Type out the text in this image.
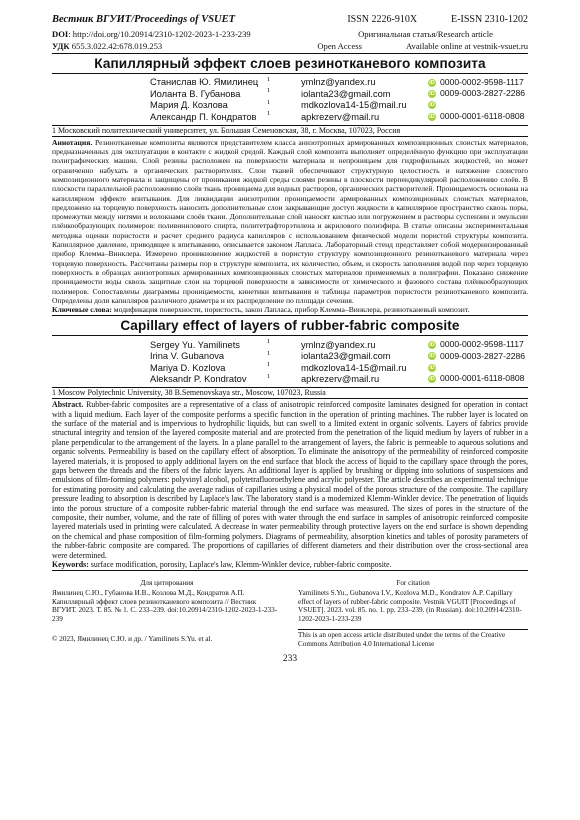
Вестник ВГУИТ/Proceedings of VSUET	ISSN 2226-910X	E-ISSN 2310-1202
DOI: http://doi.org/10.20914/2310-1202-2023-1-233-239	Оригинальная статья/Research article
УДК 655.3.022.42:678.019.253	Open Access	Available online at vestnik-vsuet.ru
Капиллярный эффект слоев резинотканевого композита
Станислав Ю. Ямилинец	1	ymlnz@yandex.ru	iD 0000-0002-9598-1117
Иоланта В. Губанова	1	iolanta23@gmail.com	iD 0009-0003-2827-2286
Мария Д. Козлова	1	mdkozlova14-15@mail.ru	iD
Александр П. Кондратов	1	apkrezerv@mail.ru	iD 0000-0001-6118-0808
1 Московский политехнический университет, ул. Большая Семеновская, 38, г. Москва, 107023, Россия

Аннотация. Резинотканевые композиты являются представителем класса анизотропных армированных композиционных слоистых материалов, предназначенных для эксплуатации в контакте с жидкой средой. Каждый слой композита выполняет определённую функцию при эксплуатации полиграфических машин. Слой резины расположен на поверхности материала и непроницаем для гидрофильных жидкостей, но может ограниченно набухать в органических растворителях. Слои тканей обеспечивают структурную целостность и натяжение слоистого композиционного материала и защищены от проникания жидкой среды слоями резины в плоскости перпендикулярной расположению слоёв. В плоскости параллельной расположению слоёв ткань проницаема для водных растворов, органических растворителей. Проницаемость основана на капиллярном эффекте впитывания. Для ликвидации анизотропии проницаемости армированных композиционных слоистых материалов, предложено на торцевую поверхность наносить дополнительные слои закрывающие доступ жидкости в капиллярное пространство сквозь поры, промежутки между нитями и волокнами слоёв ткани. Дополнительные слой наносят кистью или погружением в растворы суспензии и эмульсии плёнкообразующих полимеров: поливинилового спирта, политетрафторэтилена и акрилового полиэфира. В статье описаны экспериментальная методика оценки пористости и расчет среднего радиуса капилляров с использованием физической модели пористой структуры композита. Капиллярное давление, приводящее к впитыванию, описывается законом Лапласа. Лабораторный стенд представляет собой модернизированный прибор Клемма–Винклера. Измерено проникновение жидкостей в пористую структуру композиционного резинотканевого материала через торцевую поверхность. Рассчитаны размеры пор в структуре композита, их количество, объем, и скорость заполнения водой пор через торцевую поверхность в образцах анизотропных армированных композиционных слоистых материалов применяемых в полиграфии. Показано снижение проницаемости воды сквозь защитные слои на торцевой поверхности в зависимости от химического и фазового состава плёнкообразующих полимеров. Сопоставлены диаграммы проницаемости, кинетики впитывания и таблицы параметров пористости резинотканевого композита. Определены доли капилляров различного диаметра и их распределение по площади сечения.

Ключевые слова: модификация поверхности, пористость, закон Лапласа, прибор Клемма–Винклера, резинотканевый композит.

Capillary effect of layers of rubber-fabric composite
Sergey Yu. Yamilinets	1	ymlnz@yandex.ru	iD 0000-0002-9598-1117
Irina V. Gubanova	1	iolanta23@gmail.com	iD 0009-0003-2827-2286
Mariya D. Kozlova	1	mdkozlova14-15@mail.ru	iD
Aleksandr P. Kondratov	1	apkrezerv@mail.ru	iD 0000-0001-6118-0808
1 Moscow Polytechnic University, 38 B.Semenovskaya str., Moscow, 107023, Russia

Abstract. Rubber-fabric composites are a representative of a class of anisotropic reinforced composite laminates designed for operation in contact with a liquid medium. Each layer of the composite performs a specific function in the operation of printing machines. The rubber layer is located on the surface of the material and is impervious to hydrophilic liquids, but can swell to a limited extent in organic solvents. Layers of fabrics provide structural integrity and tension of the layered composite material and are protected from the penetration of the liquid medium by layers of rubber in a plane perpendicular to the arrangement of the layers. In a plane parallel to the arrangement of layers, the fabric is permeable to aqueous solutions and organic solvents. Permeability is based on the capillary effect of absorption. To eliminate the anisotropy of the permeability of reinforced composite layered materials, it is proposed to apply additional layers on the end surface that block the access of liquid to the capillary space through the pores, gaps between the threads and the fibers of the fabric layers. An additional layer is applied by brushing or dipping into solutions of suspensions and emulsions of film-forming polymers: polyvinyl alcohol, polytetrafluoroethylene and acrylic polyester. The article describes an experimental technique for estimating porosity and calculating the average radius of capillaries using a physical model of the porous structure of the composite. The capillary pressure leading to absorption is described by Laplace's law. The laboratory stand is a modernized Klemm-Winkler device. The penetration of liquids into the porous structure of a composite rubber-fabric material through the end surface was measured. The sizes of pores in the structure of the composite, their number, volume, and the rate of filling of pores with water through the end surface in samples of anisotropic reinforced composite layered materials used in printing were calculated. A decrease in water permeability through protective layers on the end surface is shown depending on the chemical and phase composition of film-forming polymers. Diagrams of permeability, absorption kinetics and tables of porosity parameters of the rubber-fabric composite are compared. The proportions of capillaries of different diameters and their distribution over the cross-sectional area were determined.

Keywords: surface modification, porosity, Laplace's law, Klemm-Winkler device, rubber-fabric composite.

Для цитирования
Ямилинец С.Ю., Губанова И.В., Козлова М.Д., Кондратов А.П. Капиллярный эффект слоев резинотканевого композита // Вестник ВГУИТ. 2023. Т. 85. № 1. С. 233–239. doi:10.20914/2310-1202-2023-1-233-239
For citation
Yamilinets S.Yu., Gubanova I.V., Kozlova M.D., Kondratov A.P. Capillary effect of layers of rubber-fabric composite. Vestnik VGUIT [Proceedings of VSUET]. 2023. vol. 85. no. 1. pp. 233–239. (in Russian). doi:10.20914/2310-1202-2023-1-233-239
© 2023, Ямилинец С.Ю. и др. / Yamilinets S.Yu. et al.	This is an open access article distributed under the terms of the Creative Commons Attribution 4.0 International License
233
